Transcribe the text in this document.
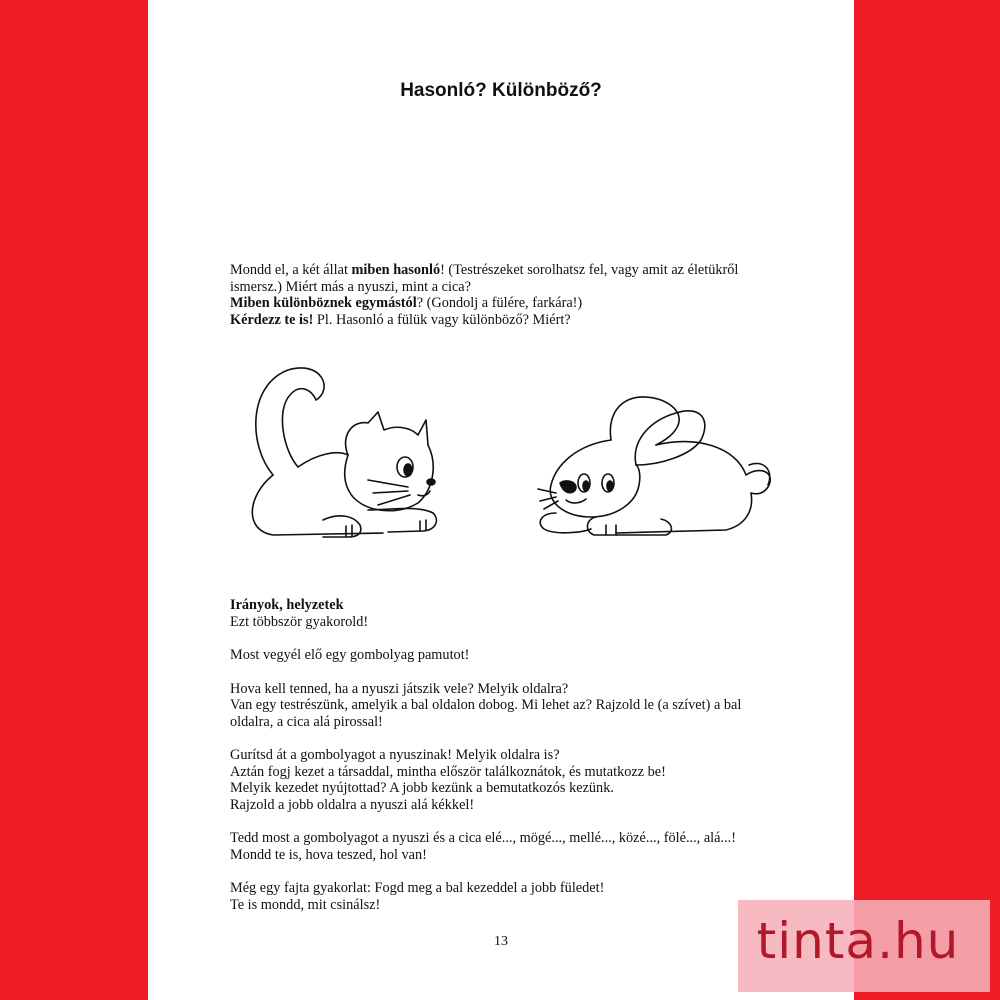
Hasonló? Különböző?

Mondd el, a két állat miben hasonló! (Testrészeket sorolhatsz fel, vagy amit az életükről

ismersz.) Miért más a nyuszi, mint a cica?

Miben különböznek egymástól? (Gondolj a fülére, farkára!)

Kérdezz te is! Pl. Hasonló a fülük vagy különböző? Miért?

Irányok, helyzetek

Ezt többször gyakorold!

Most vegyél elő egy gombolyag pamutot!

Hova kell tenned, ha a nyuszi játszik vele? Melyik oldalra?

Van egy testrészünk, amelyik a bal oldalon dobog. Mi lehet az? Rajzold le (a szívet) a bal

oldalra, a cica alá pirossal!

Gurítsd át a gombolyagot a nyuszinak! Melyik oldalra is?

Aztán fogj kezet a társaddal, mintha először találkoznátok, és mutatkozz be!

Melyik kezedet nyújtottad? A jobb kezünk a bemutatkozós kezünk.

Rajzold a jobb oldalra a nyuszi alá kékkel!

Tedd most a gombolyagot a nyuszi és a cica elé..., mögé..., mellé..., közé..., fölé..., alá...!

Mondd te is, hova teszed, hol van!

Még egy fajta gyakorlat: Fogd meg a bal kezeddel a jobb füledet!

Te is mondd, mit csinálsz!

13	tinta.hu
